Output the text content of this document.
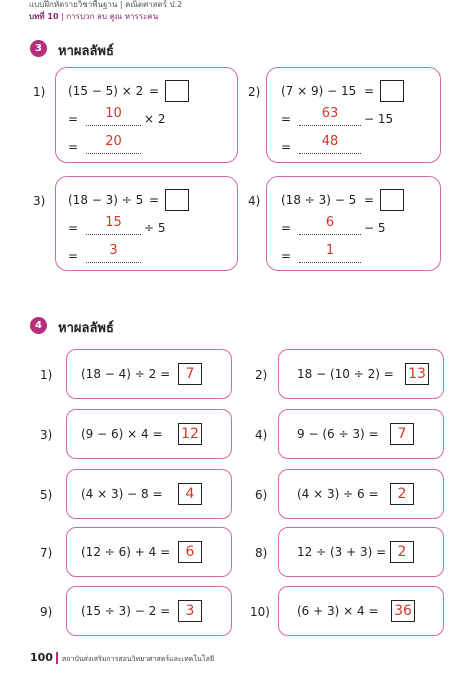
แบบฝึกหัดรายวิชาพื้นฐาน | คณิตศาสตร์ ป.2
บทที่ 10 | การบวก ลบ คูณ หารระคน
3	หาผลลัพธ์
1) (15 − 5) × 2 =
=	10	× 2
=	20
2) (7 × 9) − 15 =
=	63	− 15
=	48
3) (18 − 3) ÷ 5 =
=	15	÷ 5
=	3
4) (18 ÷ 3) − 5 =
=	6	− 5
=	1
4	หาผลลัพธ์
1) (18 − 4) ÷ 2 =	7	2) 18 − (10 ÷ 2) = 13
3) (9 − 6) × 4 = 12	4) 9 − (6 ÷ 3) =	7
5) (4 × 3) − 8 =	4	6) (4 × 3) ÷ 6 =	2
7) (12 ÷ 6) + 4 =	6	8) 12 ÷ (3 + 3) = 2
9) (15 ÷ 3) − 2 =	3	10) (6 + 3) × 4 = 36
100 สถาบันส่งเสริมการสอนวิทยาศาสตร์และเทคโนโลยี
